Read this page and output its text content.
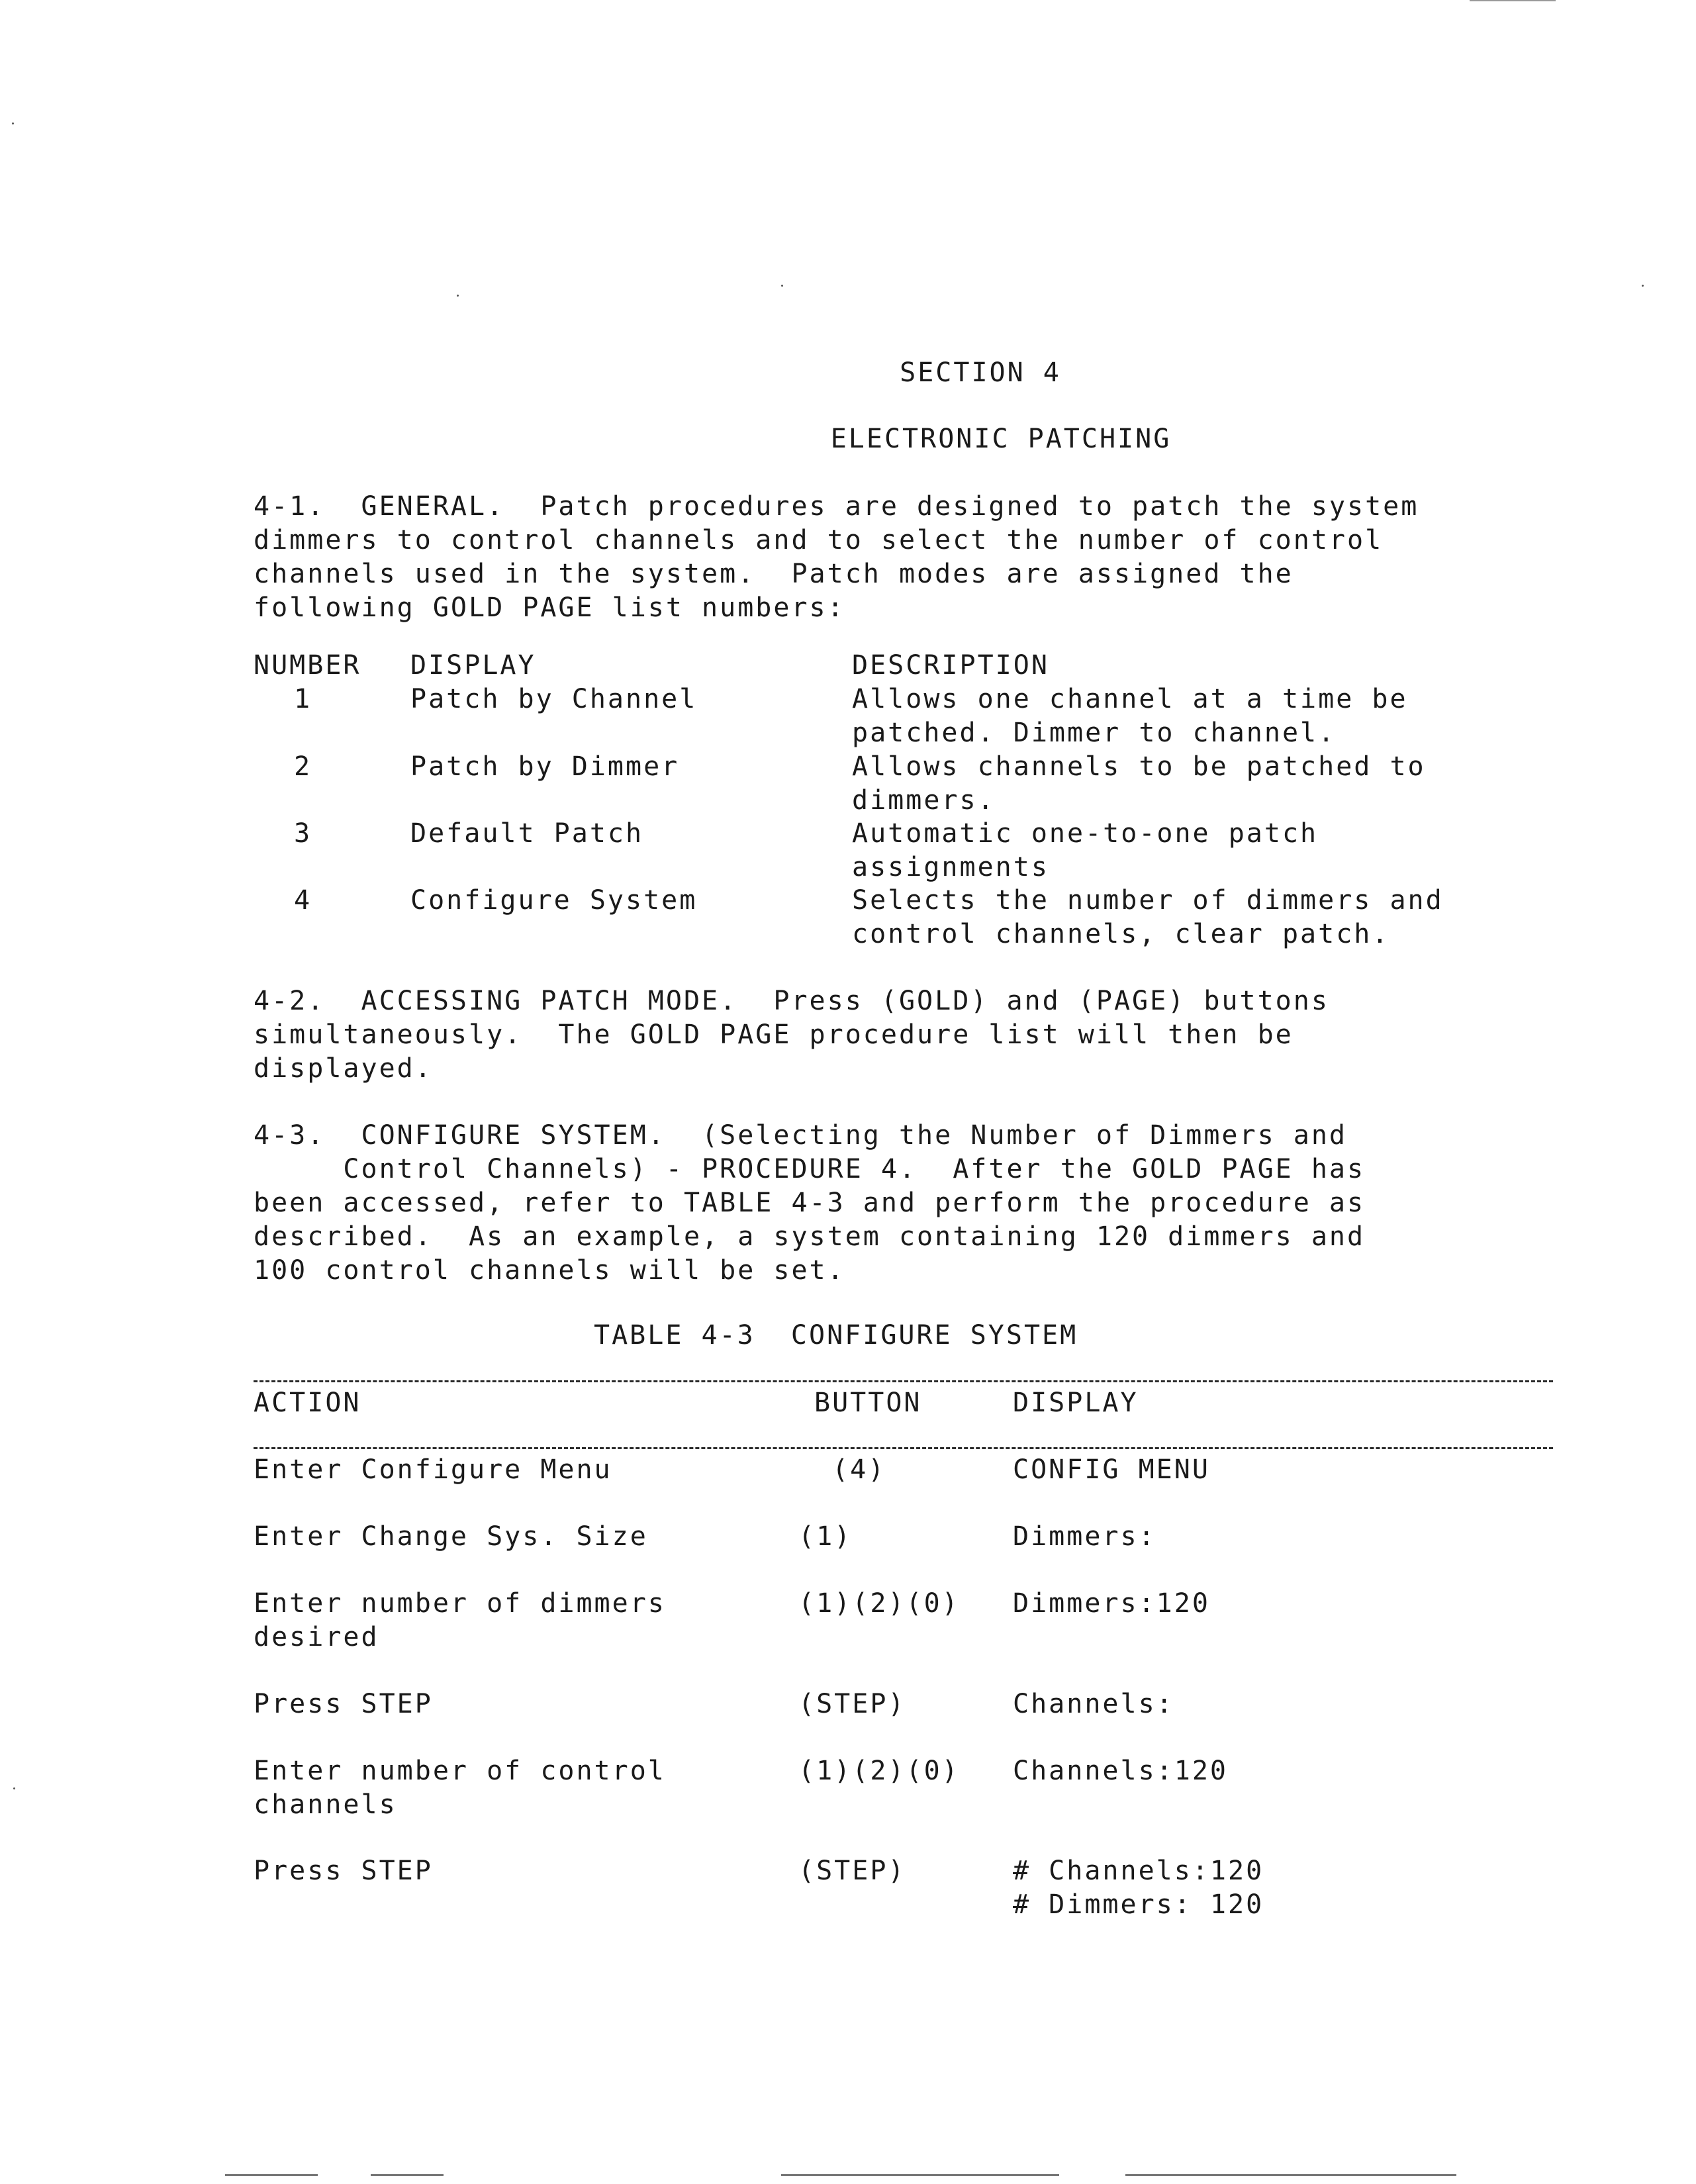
SECTION 4
ELECTRONIC PATCHING
4-1.  GENERAL.  Patch procedures are designed to patch the system
dimmers to control channels and to select the number of control
channels used in the system.  Patch modes are assigned the
following GOLD PAGE list numbers:
NUMBER DISPLAY	DESCRIPTION
1	Patch by Channel	Allows one channel at a time be
patched. Dimmer to channel.
2	Patch by Dimmer	Allows channels to be patched to
dimmers.
3	Default Patch	Automatic one-to-one patch
assignments
4	Configure System	Selects the number of dimmers and
control channels, clear patch.
4-2.  ACCESSING PATCH MODE.  Press (GOLD) and (PAGE) buttons
simultaneously.  The GOLD PAGE procedure list will then be
displayed.
4-3.  CONFIGURE SYSTEM.  (Selecting the Number of Dimmers and
Control Channels) - PROCEDURE 4.  After the GOLD PAGE has
been accessed, refer to TABLE 4-3 and perform the procedure as
described.  As an example, a system containing 120 dimmers and
100 control channels will be set.
TABLE 4-3  CONFIGURE SYSTEM
ACTION	BUTTON	DISPLAY
Enter Configure Menu	(4)	CONFIG MENU
Enter Change Sys. Size	(1)	Dimmers:
Enter number of dimmers
desired
(1)(2)(0) Dimmers:120
Press STEP	(STEP)	Channels:
Enter number of control
channels
(1)(2)(0) Channels:120
Press STEP	(STEP)	# Channels:120
# Dimmers: 120
